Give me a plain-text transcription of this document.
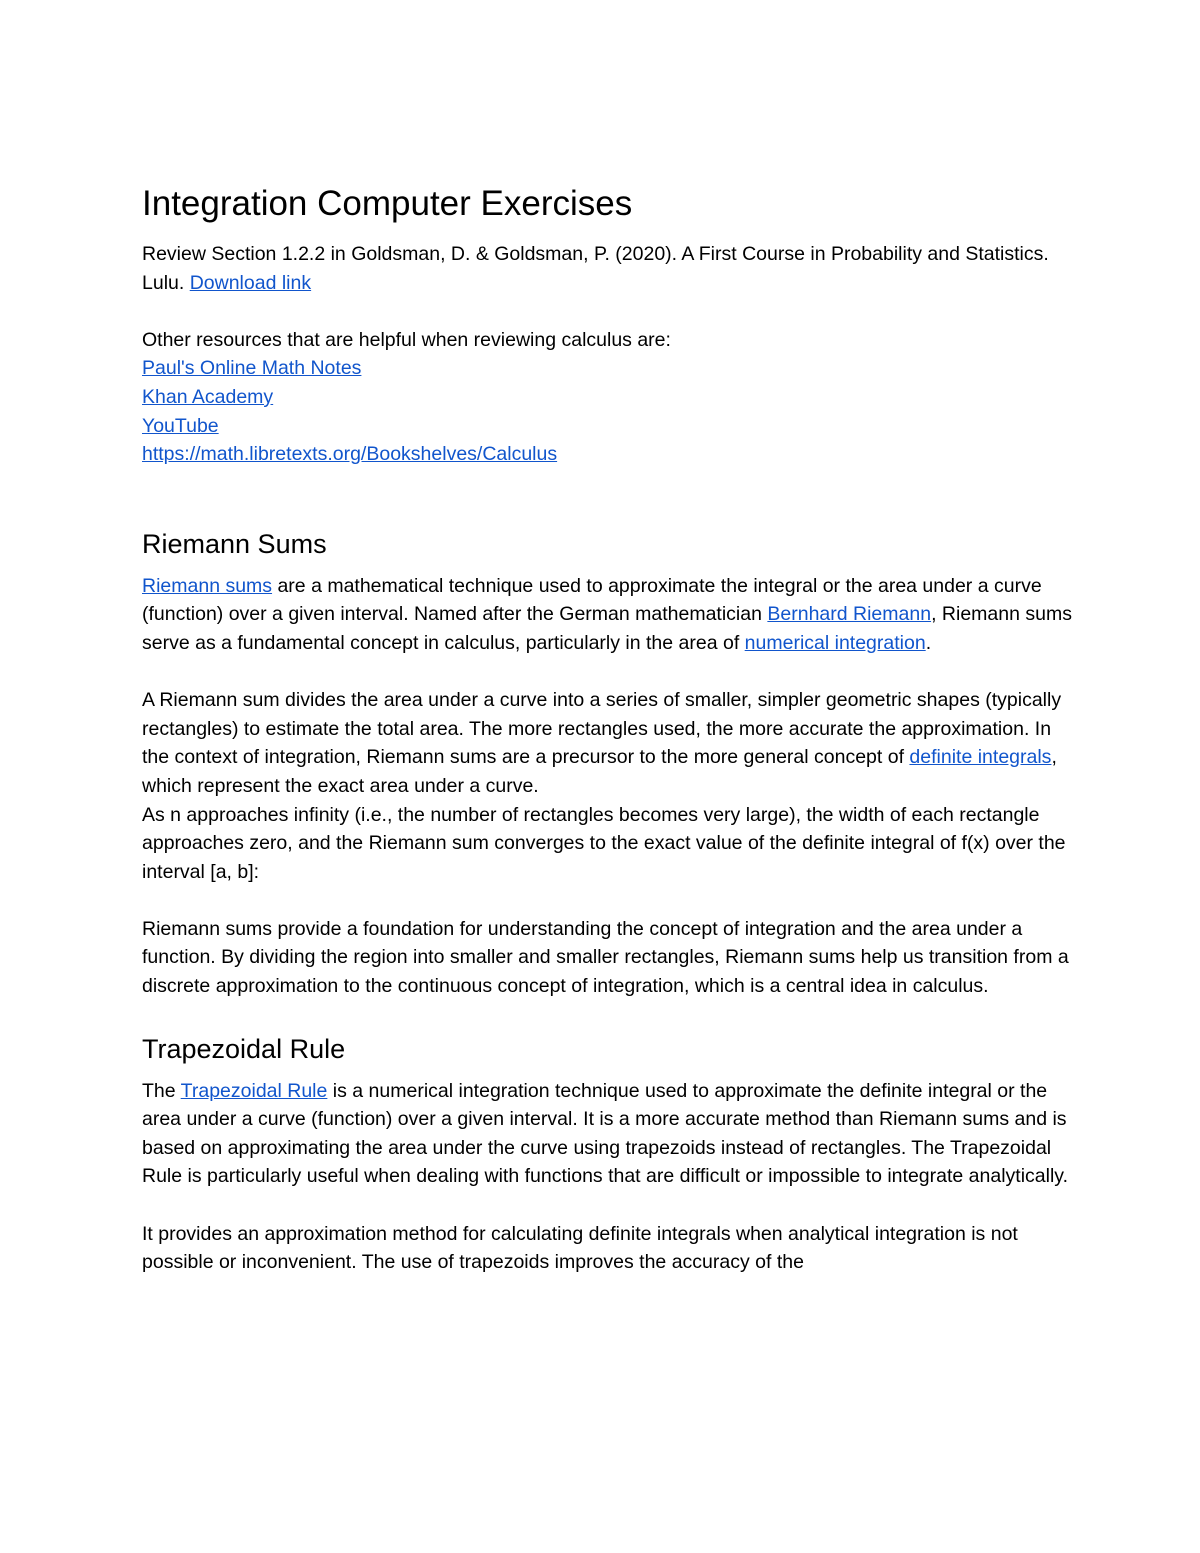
Integration Computer Exercises

Review Section 1.2.2 in Goldsman, D. & Goldsman, P. (2020). A First Course in Probability and Statistics. Lulu. Download link

Other resources that are helpful when reviewing calculus are:
Paul's Online Math Notes
Khan Academy
YouTube
https://math.libretexts.org/Bookshelves/Calculus
Riemann Sums

Riemann sums are a mathematical technique used to approximate the integral or the area under a curve (function) over a given interval. Named after the German mathematician Bernhard Riemann, Riemann sums serve as a fundamental concept in calculus, particularly in the area of numerical integration.

A Riemann sum divides the area under a curve into a series of smaller, simpler geometric shapes (typically rectangles) to estimate the total area. The more rectangles used, the more accurate the approximation. In the context of integration, Riemann sums are a precursor to the more general concept of definite integrals, which represent the exact area under a curve.

As n approaches infinity (i.e., the number of rectangles becomes very large), the width of each rectangle approaches zero, and the Riemann sum converges to the exact value of the definite integral of f(x) over the interval [a, b]:

Riemann sums provide a foundation for understanding the concept of integration and the area under a function. By dividing the region into smaller and smaller rectangles, Riemann sums help us transition from a discrete approximation to the continuous concept of integration, which is a central idea in calculus.

Trapezoidal Rule

The Trapezoidal Rule is a numerical integration technique used to approximate the definite integral or the area under a curve (function) over a given interval. It is a more accurate method than Riemann sums and is based on approximating the area under the curve using trapezoids instead of rectangles. The Trapezoidal Rule is particularly useful when dealing with functions that are difficult or impossible to integrate analytically.

It provides an approximation method for calculating definite integrals when analytical integration is not possible or inconvenient. The use of trapezoids improves the accuracy of the
